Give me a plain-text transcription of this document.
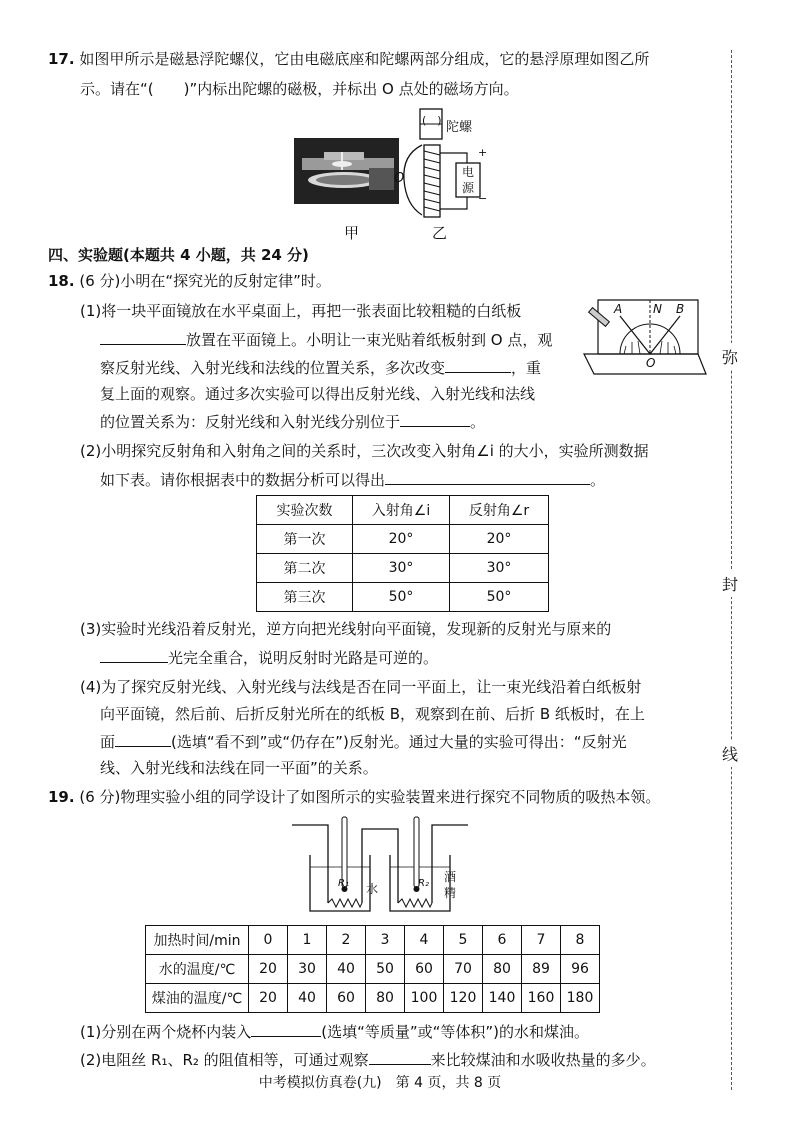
弥
封
线
17. 如图甲所示是磁悬浮陀螺仪，它由电磁底座和陀螺两部分组成，它的悬浮原理如图乙所
示。请在“(　　)”内标出陀螺的磁极，并标出 O 点处的磁场方向。
甲
(　) 陀螺
O	电
源
+
−
乙
四、实验题(本题共 4 小题，共 24 分)
18. (6 分)小明在“探究光的反射定律”时。
(1)将一块平面镜放在水平桌面上，再把一张表面比较粗糙的白纸板
放置在平面镜上。小明让一束光贴着纸板射到 O 点，观
察反射光线、入射光线和法线的位置关系，多次改变	，重
复上面的观察。通过多次实验可以得出反射光线、入射光线和法线
的位置关系为：反射光线和入射光线分别位于	。
A	N B
O
(2)小明探究反射角和入射角之间的关系时，三次改变入射角∠i 的大小，实验所测数据
如下表。请你根据表中的数据分析可以得出	。
实验次数	入射角∠i	反射角∠r
第一次	20°	20°
第二次	30°	30°
第三次	50°	50°
(3)实验时光线沿着反射光，逆方向把光线射向平面镜，发现新的反射光与原来的
光完全重合，说明反射时光路是可逆的。
(4)为了探究反射光线、入射光线与法线是否在同一平面上，让一束光线沿着白纸板射
向平面镜，然后前、后折反射光所在的纸板 B，观察到在前、后折 B 纸板时，在上
面	(选填“看不到”或“仍存在”)反射光。通过大量的实验可得出：“反射光
线、入射光线和法线在同一平面”的关系。
19. (6 分)物理实验小组的同学设计了如图所示的实验装置来进行探究不同物质的吸热本领。
R₁ 水	R₂ 酒
精
加热时间/min	0	1	2	3	4	5	6	7	8
水的温度/℃	20	30	40	50	60	70	80	89	96
煤油的温度/℃	20	40	60	80	100	120	140	160	180
(1)分别在两个烧杯内装入	(选填“等质量”或“等体积”)的水和煤油。
(2)电阻丝 R₁、R₂ 的阻值相等，可通过观察	来比较煤油和水吸收热量的多少。
中考模拟仿真卷(九)　第 4 页，共 8 页
